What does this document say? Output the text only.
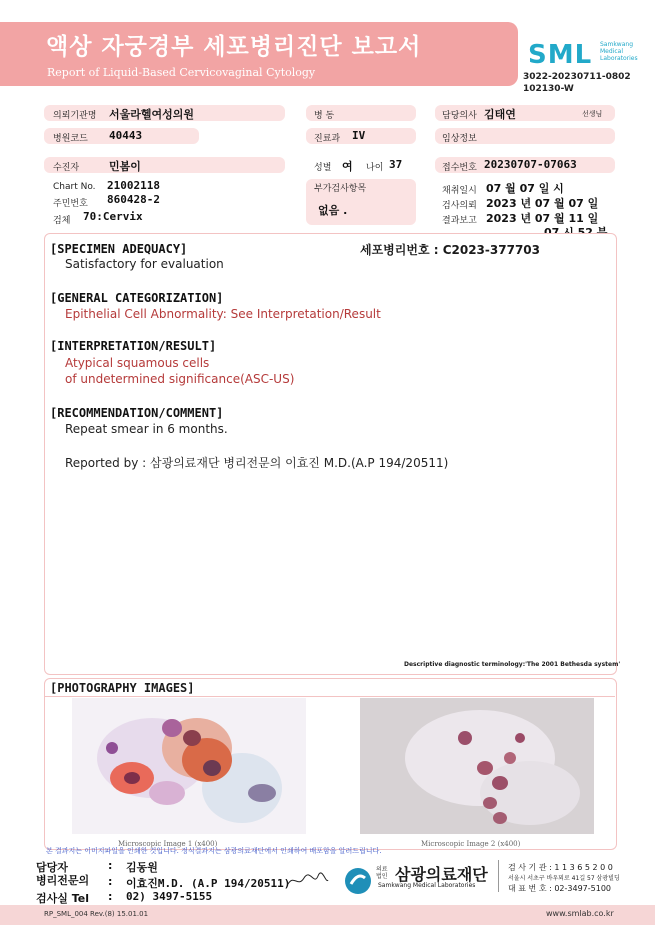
액상 자궁경부 세포병리진단 보고서
Report of Liquid-Based Cervicovaginal Cytology
SML Samkwang Medical Laboratories
3022-20230711-0802
102130-W
의뢰기관명 서울라헬여성의원	병 동	담당의사 김태연	선생님
병원코드 40443	진료과 IV	임상정보
수진자	민봄이	성별 여 나이 37	접수번호 20230707-07063
Chart No. 21002118
주민번호 860428-2
검체 70:Cervix
부가검사항목
없음 .
채취일시 07 월 07 일 시
검사의뢰 2023 년 07 월 07 일
결과보고 2023 년 07 월 11 일
[SPECIMEN ADEQUACY]	세포병리번호 : C2023-377703
Satisfactory for evaluation
[GENERAL CATEGORIZATION]
Epithelial Cell Abnormality: See Interpretation/Result
[INTERPRETATION/RESULT]
Atypical squamous cells
of undetermined significance(ASC-US)
[RECOMMENDATION/COMMENT]
Repeat smear in 6 months.
Reported by : 삼광의료재단 병리전문의 이효진 M.D.(A.P 194/20511)
Descriptive diagnostic terminology:'The 2001 Bethesda system'
[PHOTOGRAPHY IMAGES]
Microscopic Image 1 (x400)	Microscopic Image 2 (x400)
본 결과지는 이미지파일을 인쇄한 것입니다. 정식결과지는 삼광의료재단에서 인쇄하여 배포함을 알려드립니다.
담당자	: 김동원
병리전문의 : 이효진M.D. (A.P 194/20511)
검사실 Tel : 02) 3497-5155
의료법인 삼광의료재단
Samkwang Medical Laboratories
검 사 기 관 : 1 1 3 6 5 2 0 0
서울시 서초구 바우뫼로 41길 57 삼광빌딩
대 표 번 호 : 02-3497-5100
RP_SML_004 Rev.(8) 15.01.01	www.smlab.co.kr
